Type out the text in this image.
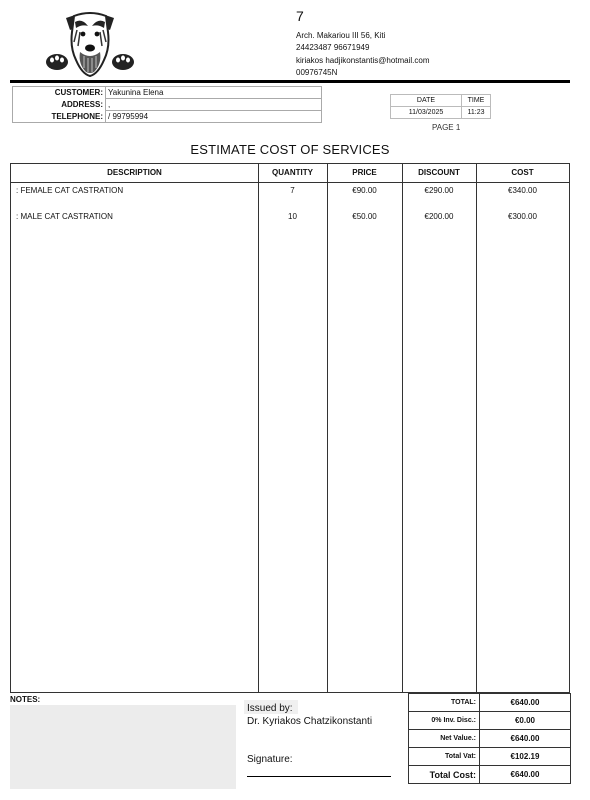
7
Arch. Makariou III 56, Kiti
24423487 96671949
kiriakos hadjikonstantis@hotmail.com
00976745N
CUSTOMER:	Yakunina Elena
ADDRESS:	,
TELEPHONE:	/ 99795994
DATE	TIME
11/03/2025	11:23
PAGE 1
ESTIMATE COST OF SERVICES
DESCRIPTION	QUANTITY	PRICE	DISCOUNT	COST
: FEMALE CAT CASTRATION	7	€90.00	€290.00	€340.00
: MALE CAT CASTRATION	10	€50.00	€200.00	€300.00
NOTES:
Issued by:
Dr. Kyriakos Chatzikonstanti
Signature:
TOTAL:	€640.00
0% Inv. Disc.:	€0.00
Net Value.:	€640.00
Total Vat:	€102.19
Total Cost:	€640.00
